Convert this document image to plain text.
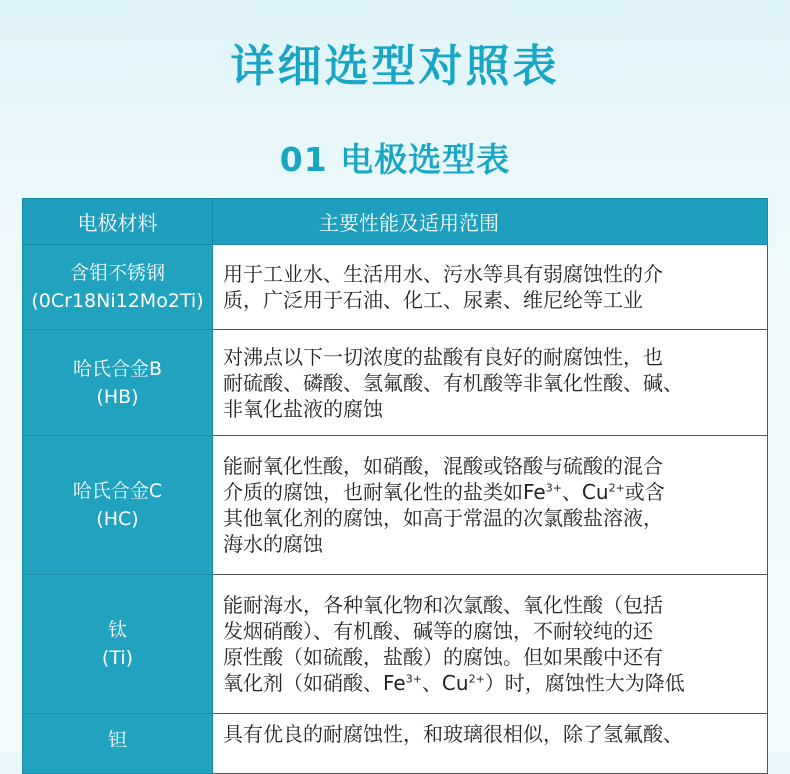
详细选型对照表
01 电极选型表
电极材料	主要性能及适用范围

含钼不锈钢
(0Cr18Ni12Mo2Ti)	用于工业水、生活用水、污水等具有弱腐蚀性的介
质，广泛用于石油、化工、尿素、维尼纶等工业

哈氏合金B
(HB)	对沸点以下一切浓度的盐酸有良好的耐腐蚀性，也
耐硫酸、磷酸、氢氟酸、有机酸等非氧化性酸、碱、
非氧化盐液的腐蚀

哈氏合金C
(HC)	能耐氧化性酸，如硝酸，混酸或铬酸与硫酸的混合
介质的腐蚀，也耐氧化性的盐类如$Fe^{3+}$、$Cu^{2+}$或含
其他氧化剂的腐蚀，如高于常温的次氯酸盐溶液，
海水的腐蚀

钛
(Ti)	能耐海水，各种氧化物和次氯酸、氧化性酸（包括
发烟硝酸）、有机酸、碱等的腐蚀，不耐较纯的还
原性酸（如硫酸，盐酸）的腐蚀。但如果酸中还有
氧化剂（如硝酸、$Fe^{3+}$、$Cu^{2+}$）时，腐蚀性大为降低

钽	具有优良的耐腐蚀性，和玻璃很相似，除了氢氟酸、
